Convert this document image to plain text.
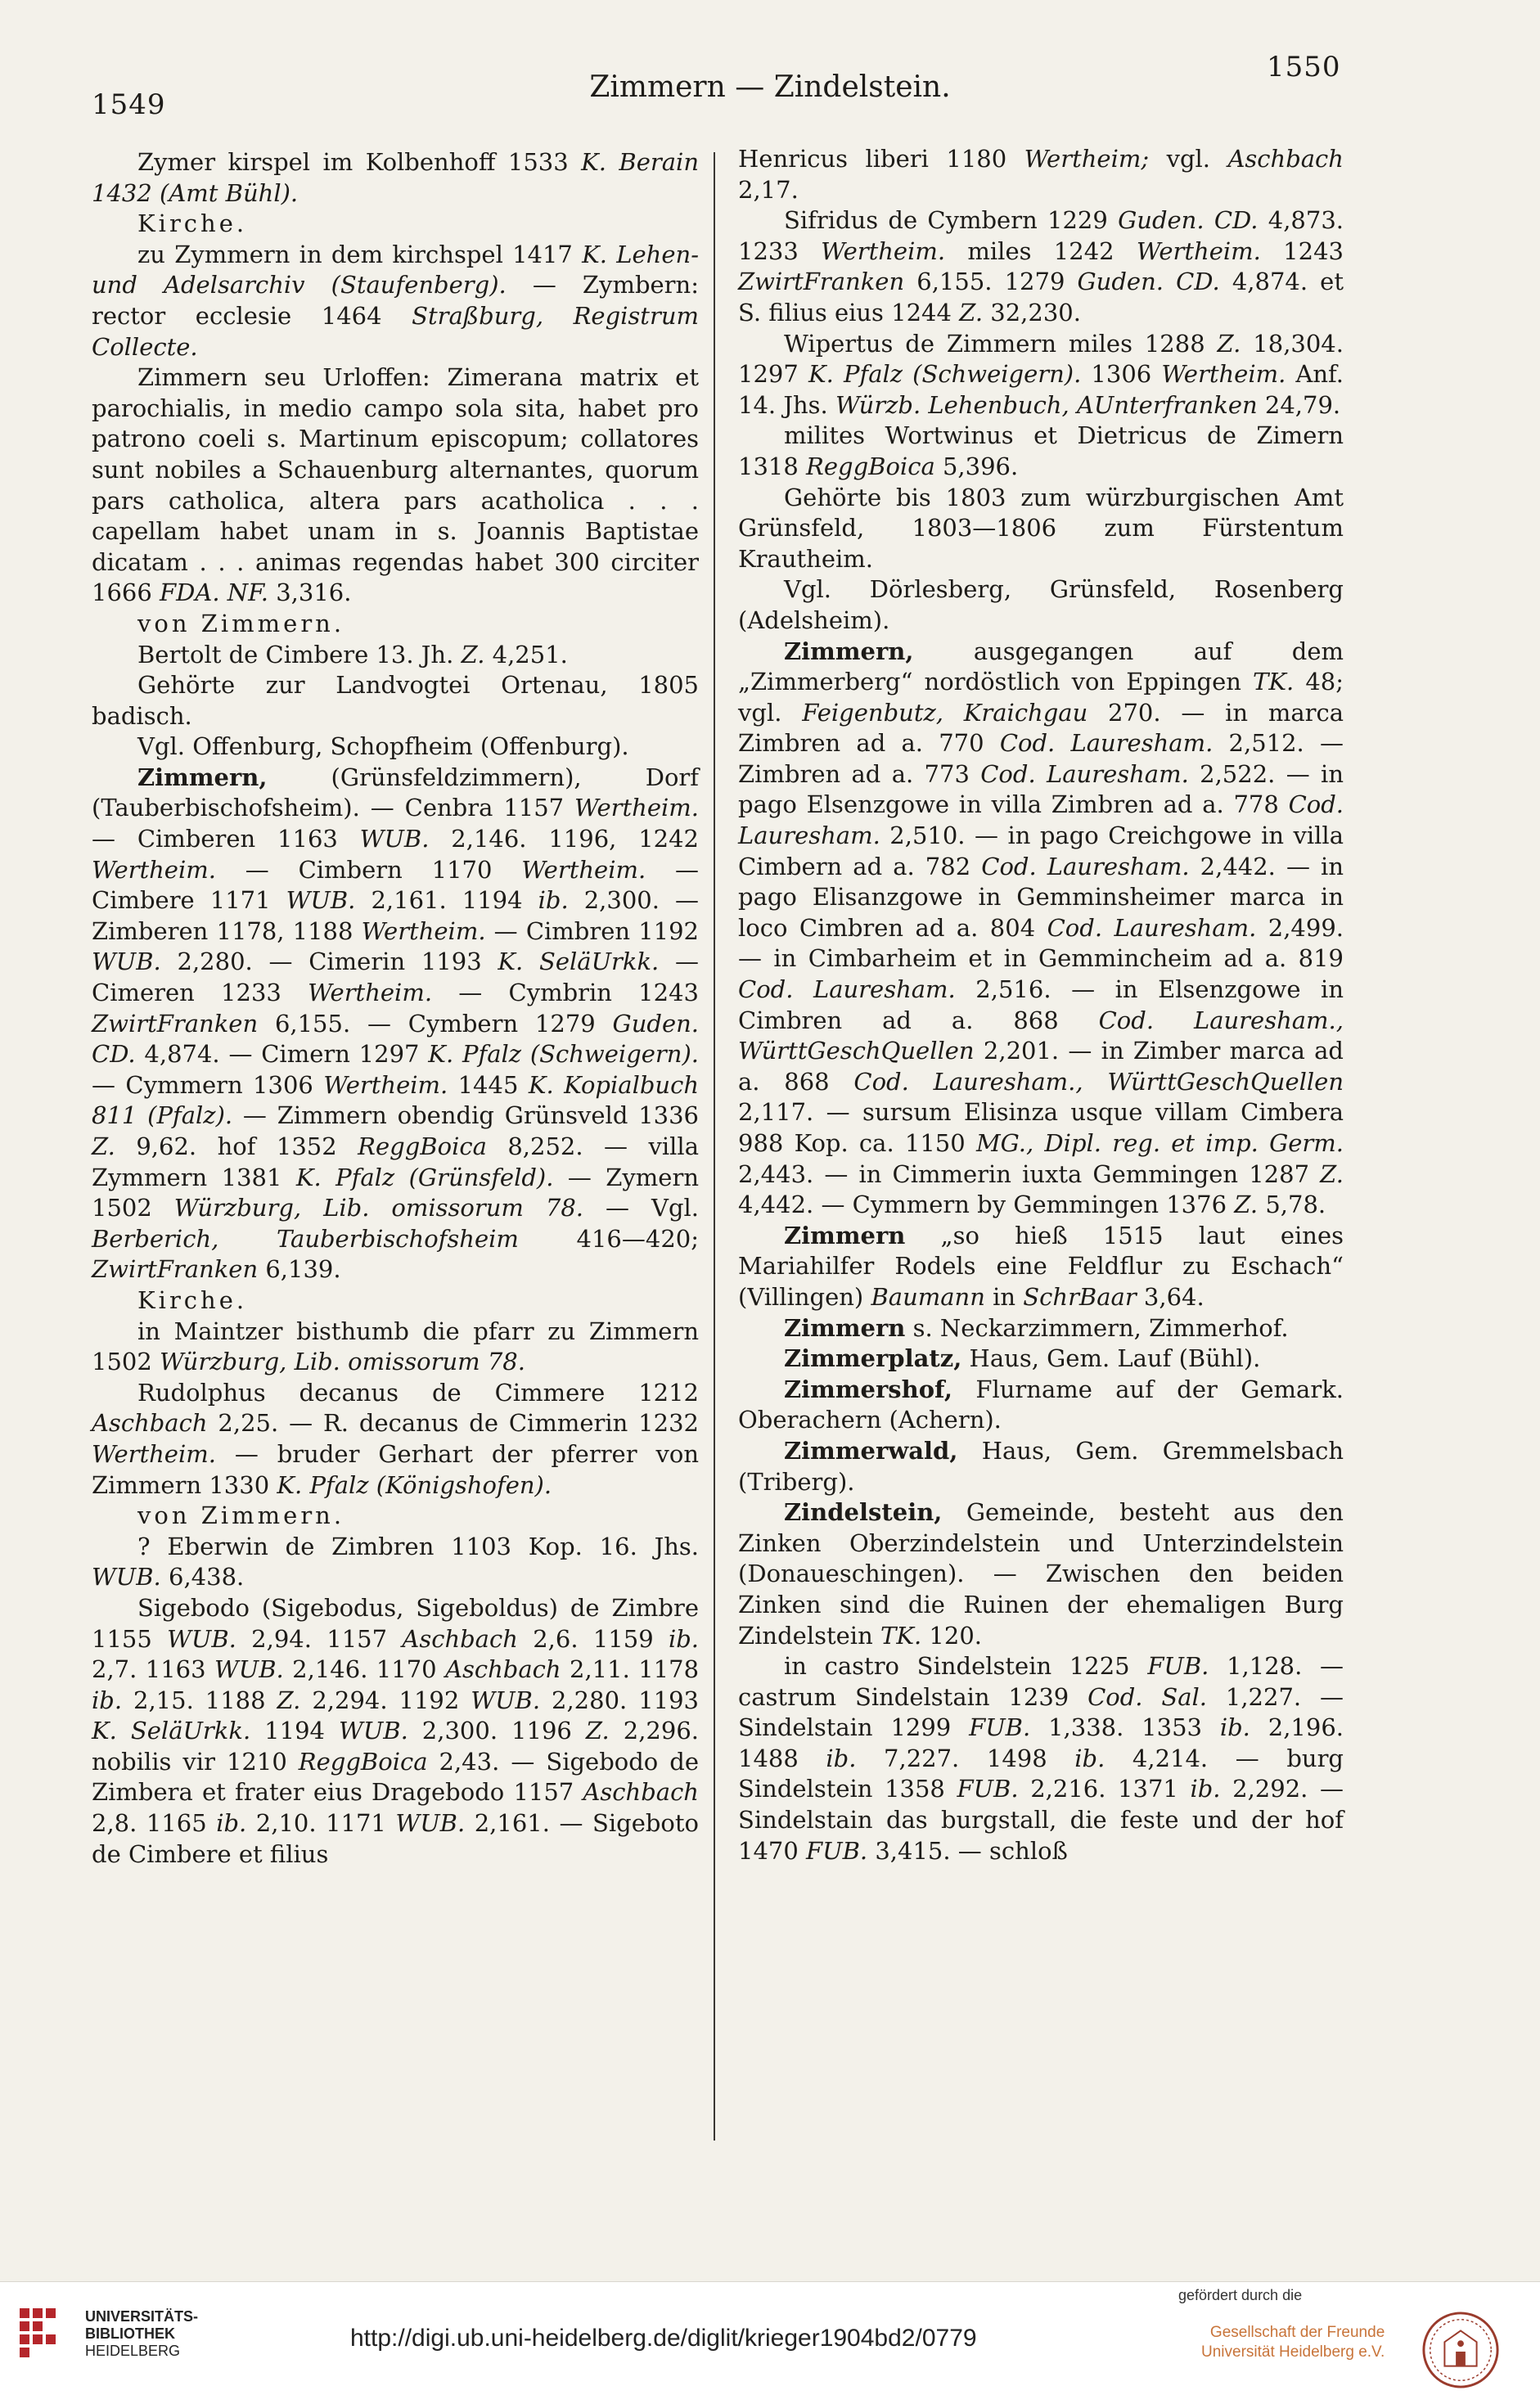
1549
Zimmern — Zindelstein.
1550
Zymer kirspel im Kolbenhoff 1533 K. Berain 1432 (Amt Bühl).
Kirche.
zu Zymmern in dem kirchspel 1417 K. Lehen- und Adelsarchiv (Staufenberg). — Zymbern: rector ecclesie 1464 Straßburg, Registrum Collecte.
Zimmern seu Urloffen: Zimerana matrix et parochialis, in medio campo sola sita, habet pro patrono coeli s. Martinum episcopum; collatores sunt nobiles a Schauenburg alternantes, quorum pars catholica, altera pars acatholica . . . capellam habet unam in s. Joannis Baptistae dicatam . . . animas regendas habet 300 circiter 1666 FDA. NF. 3,316.
von Zimmern.
Bertolt de Cimbere 13. Jh. Z. 4,251.
Gehörte zur Landvogtei Ortenau, 1805 badisch.
Vgl. Offenburg, Schopfheim (Offenburg).
Zimmern, (Grünsfeldzimmern), Dorf (Tauberbischofsheim). — Cenbra 1157 Wertheim. — Cimberen 1163 WUB. 2,146. 1196, 1242 Wertheim. — Cimbern 1170 Wertheim. — Cimbere 1171 WUB. 2,161. 1194 ib. 2,300. — Zimberen 1178, 1188 Wertheim. — Cimbren 1192 WUB. 2,280. — Cimerin 1193 K. SeläUrkk. — Cimeren 1233 Wertheim. — Cymbrin 1243 ZwirtFranken 6,155. — Cymbern 1279 Guden. CD. 4,874. — Cimern 1297 K. Pfalz (Schweigern). — Cymmern 1306 Wertheim. 1445 K. Kopialbuch 811 (Pfalz). — Zimmern obendig Grünsveld 1336 Z. 9,62. hof 1352 ReggBoica 8,252. — villa Zymmern 1381 K. Pfalz (Grünsfeld). — Zymern 1502 Würzburg, Lib. omissorum 78. — Vgl. Berberich, Tauberbischofsheim 416—420; ZwirtFranken 6,139.
Kirche.
in Maintzer bisthumb die pfarr zu Zimmern 1502 Würzburg, Lib. omissorum 78.
Rudolphus decanus de Cimmere 1212 Aschbach 2,25. — R. decanus de Cimmerin 1232 Wertheim. — bruder Gerhart der pferrer von Zimmern 1330 K. Pfalz (Königshofen).
von Zimmern.
? Eberwin de Zimbren 1103 Kop. 16. Jhs. WUB. 6,438.
Sigebodo (Sigebodus, Sigeboldus) de Zimbre 1155 WUB. 2,94. 1157 Aschbach 2,6. 1159 ib. 2,7. 1163 WUB. 2,146. 1170 Aschbach 2,11. 1178 ib. 2,15. 1188 Z. 2,294. 1192 WUB. 2,280. 1193 K. SeläUrkk. 1194 WUB. 2,300. 1196 Z. 2,296. nobilis vir 1210 ReggBoica 2,43. — Sigebodo de Zimbera et frater eius Dragebodo 1157 Aschbach 2,8. 1165 ib. 2,10. 1171 WUB. 2,161. — Sigeboto de Cimbere et filius
Henricus liberi 1180 Wertheim; vgl. Aschbach 2,17.
Sifridus de Cymbern 1229 Guden. CD. 4,873. 1233 Wertheim. miles 1242 Wertheim. 1243 ZwirtFranken 6,155. 1279 Guden. CD. 4,874. et S. filius eius 1244 Z. 32,230.
Wipertus de Zimmern miles 1288 Z. 18,304. 1297 K. Pfalz (Schweigern). 1306 Wertheim. Anf. 14. Jhs. Würzb. Lehenbuch, AUnterfranken 24,79.
milites Wortwinus et Dietricus de Zimern 1318 ReggBoica 5,396.
Gehörte bis 1803 zum würzburgischen Amt Grünsfeld, 1803—1806 zum Fürstentum Krautheim.
Vgl. Dörlesberg, Grünsfeld, Rosenberg (Adelsheim).
Zimmern, ausgegangen auf dem „Zimmerberg“ nordöstlich von Eppingen TK. 48; vgl. Feigenbutz, Kraichgau 270. — in marca Zimbren ad a. 770 Cod. Lauresham. 2,512. — Zimbren ad a. 773 Cod. Lauresham. 2,522. — in pago Elsenzgowe in villa Zimbren ad a. 778 Cod. Lauresham. 2,510. — in pago Creichgowe in villa Cimbern ad a. 782 Cod. Lauresham. 2,442. — in pago Elisanzgowe in Gemminsheimer marca in loco Cimbren ad a. 804 Cod. Lauresham. 2,499. — in Cimbarheim et in Gemmincheim ad a. 819 Cod. Lauresham. 2,516. — in Elsenzgowe in Cimbren ad a. 868 Cod. Lauresham., WürttGeschQuellen 2,201. — in Zimber marca ad a. 868 Cod. Lauresham., WürttGeschQuellen 2,117. — sursum Elisinza usque villam Cimbera 988 Kop. ca. 1150 MG., Dipl. reg. et imp. Germ. 2,443. — in Cimmerin iuxta Gemmingen 1287 Z. 4,442. — Cymmern by Gemmingen 1376 Z. 5,78.
Zimmern „so hieß 1515 laut eines Mariahilfer Rodels eine Feldflur zu Eschach“ (Villingen) Baumann in SchrBaar 3,64.
Zimmern s. Neckarzimmern, Zimmerhof.
Zimmerplatz, Haus, Gem. Lauf (Bühl).
Zimmershof, Flurname auf der Gemark. Oberachern (Achern).
Zimmerwald, Haus, Gem. Gremmelsbach (Triberg).
Zindelstein, Gemeinde, besteht aus den Zinken Oberzindelstein und Unterzindelstein (Donaueschingen). — Zwischen den beiden Zinken sind die Ruinen der ehemaligen Burg Zindelstein TK. 120.
in castro Sindelstein 1225 FUB. 1,128. — castrum Sindelstain 1239 Cod. Sal. 1,227. — Sindelstain 1299 FUB. 1,338. 1353 ib. 2,196. 1488 ib. 7,227. 1498 ib. 4,214. — burg Sindelstein 1358 FUB. 2,216. 1371 ib. 2,292. — Sindelstain das burgstall, die feste und der hof 1470 FUB. 3,415. — schloß
UNIVERSITÄTS-
BIBLIOTHEK
HEIDELBERG	http://digi.ub.uni-heidelberg.de/diglit/krieger1904bd2/0779
gefördert durch die
Gesellschaft der Freunde
Universität Heidelberg e.V.
